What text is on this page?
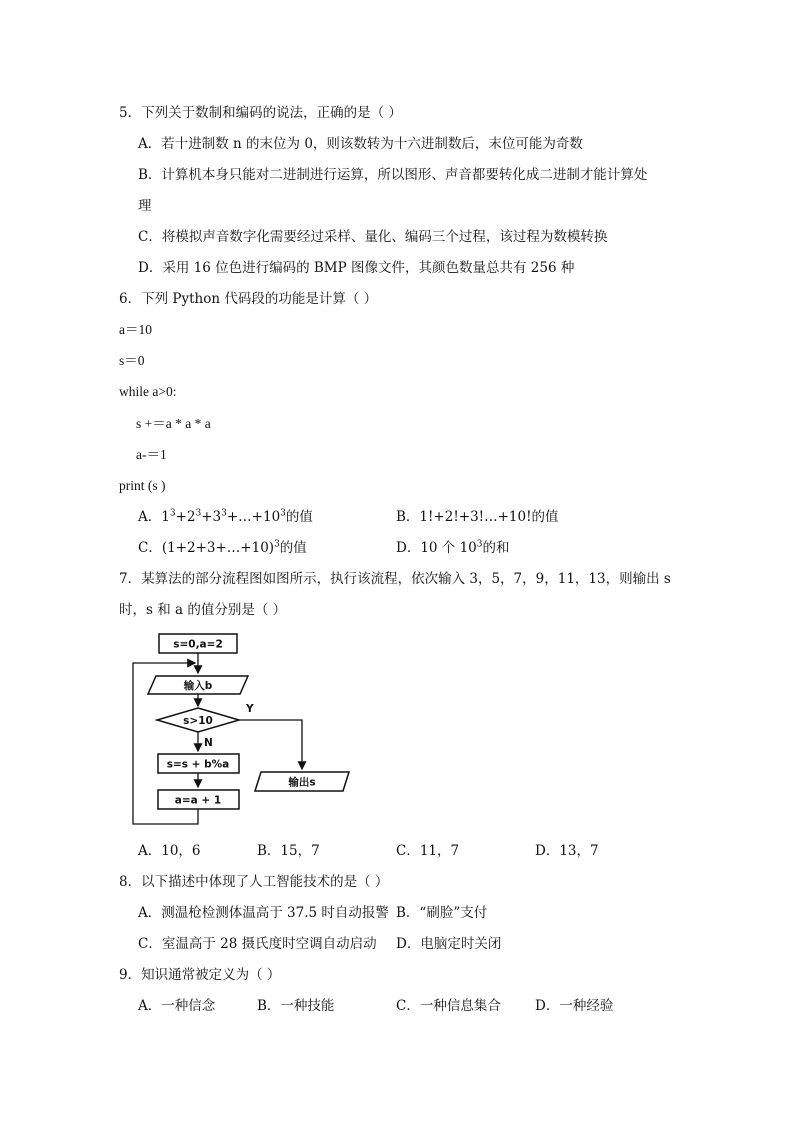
5．下列关于数制和编码的说法，正确的是（ ）
A．若十进制数 n 的末位为 0，则该数转为十六进制数后，末位可能为奇数
B．计算机本身只能对二进制进行运算，所以图形、声音都要转化成二进制才能计算处
理
C．将模拟声音数字化需要经过采样、量化、编码三个过程，该过程为数模转换
D．采用 16 位色进行编码的 BMP 图像文件，其颜色数量总共有 256 种
6．下列 Python 代码段的功能是计算（ ）
a＝10
s＝0
while a>0:
s +＝a * a * a
a-＝1
print (s )
A．$1^3+2^3+3^3+\dots+10^3$的值	B．1!+2!+3!…+10!的值
C．(1+2+3+…+10)$^3$的值	D．10 个 $10^3$的和
7．某算法的部分流程图如图所示，执行该流程，依次输入 3，5，7，9，11，13，则输出 s
时，s 和 a 的值分别是（ ）
s=0,a=2
输入b
s>10
Y
N
s=s + b%a
a=a + 1
输出s
A．10，6	B．15，7	C．11，7	D．13，7
8．以下描述中体现了人工智能技术的是（ ）
A．测温枪检测体温高于 37.5 时自动报警 B．“刷脸”支付
C．室温高于 28 摄氏度时空调自动启动 D．电脑定时关闭
9．知识通常被定义为（ ）
A．一种信念	B．一种技能	C．一种信息集合	D．一种经验
